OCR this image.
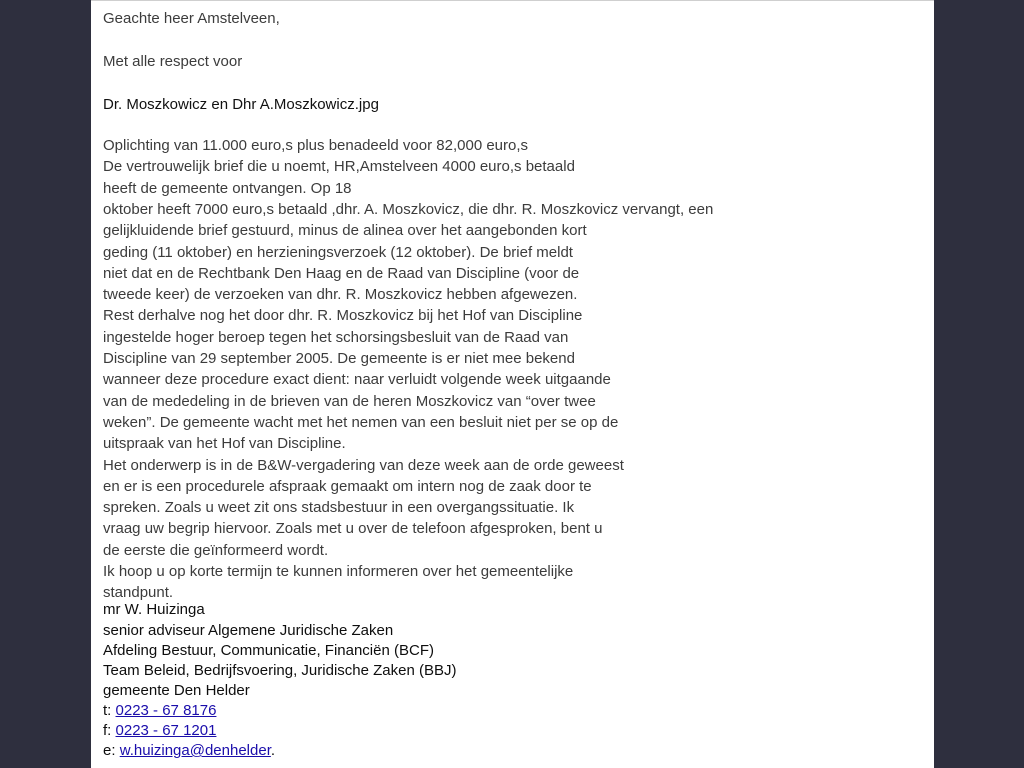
Geachte heer Amstelveen,
Met alle respect voor
Dr. Moszkowicz en Dhr A.Moszkowicz.jpg
Oplichting van 11.000 euro,s plus benadeeld voor 82,000 euro,s
De vertrouwelijk brief die u noemt, HR,Amstelveen 4000 euro,s betaald
heeft de gemeente ontvangen. Op 18
oktober heeft 7000 euro,s betaald ,dhr. A. Moszkovicz, die dhr. R. Moszkovicz vervangt, een
gelijkluidende brief gestuurd, minus de alinea over het aangebonden kort
geding (11 oktober) en herzieningsverzoek (12 oktober). De brief meldt
niet dat en de Rechtbank Den Haag en de Raad van Discipline (voor de
tweede keer) de verzoeken van dhr. R. Moszkovicz hebben afgewezen.
Rest derhalve nog het door dhr. R. Moszkovicz bij het Hof van Discipline
ingestelde hoger beroep tegen het schorsingsbesluit van de Raad van
Discipline van 29 september 2005. De gemeente is er niet mee bekend
wanneer deze procedure exact dient: naar verluidt volgende week uitgaande
van de mededeling in de brieven van de heren Moszkovicz van “over twee
weken”. De gemeente wacht met het nemen van een besluit niet per se op de
uitspraak van het Hof van Discipline.
Het onderwerp is in de B&W-vergadering van deze week aan de orde geweest
en er is een procedurele afspraak gemaakt om intern nog de zaak door te
spreken. Zoals u weet zit ons stadsbestuur in een overgangssituatie. Ik
vraag uw begrip hiervoor. Zoals met u over de telefoon afgesproken, bent u
de eerste die geïnformeerd wordt.
Ik hoop u op korte termijn te kunnen informeren over het gemeentelijke
standpunt.
mr W. Huizinga
senior adviseur Algemene Juridische Zaken
Afdeling Bestuur, Communicatie, Financiën (BCF)
Team Beleid, Bedrijfsvoering, Juridische Zaken (BBJ)
gemeente Den Helder
t: 0223 - 67 8176
f: 0223 - 67 1201
e: w.huizinga@denhelder.
